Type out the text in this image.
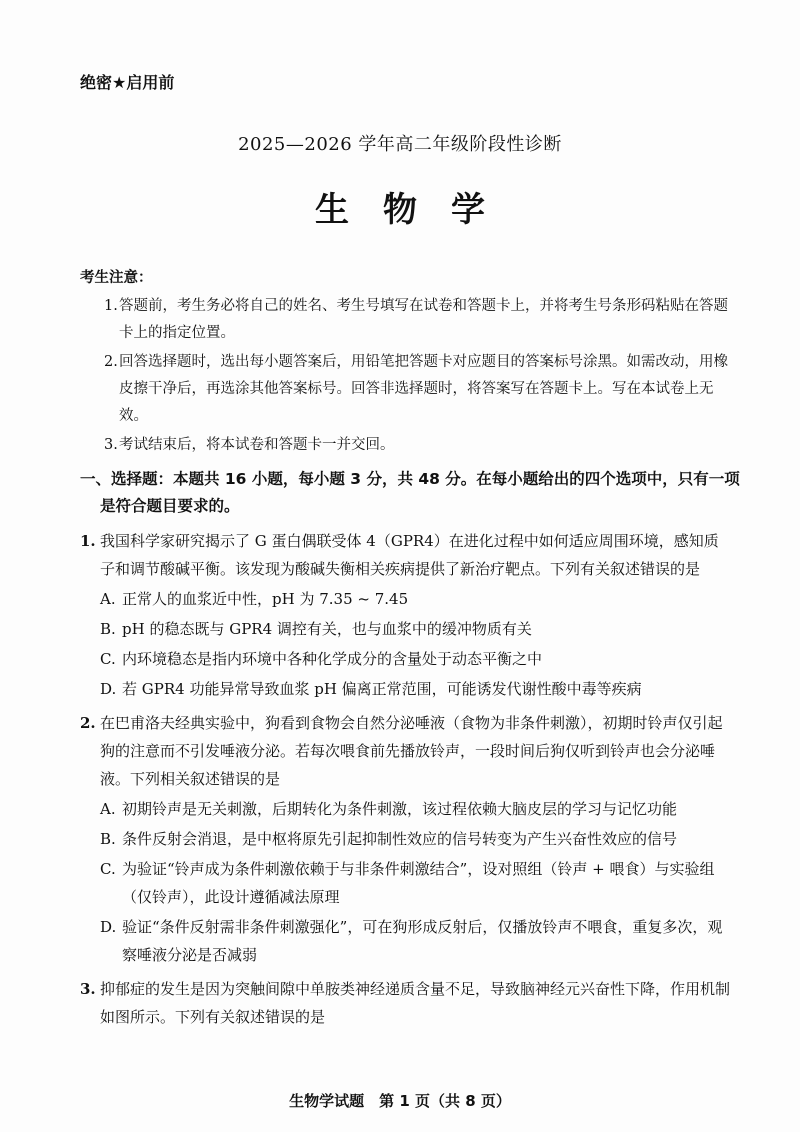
绝密★启用前
2025—2026 学年高二年级阶段性诊断
生物学
考生注意：
1. 答题前，考生务必将自己的姓名、考生号填写在试卷和答题卡上，并将考生号条形码粘贴在答题卡上的指定位置。
2. 回答选择题时，选出每小题答案后，用铅笔把答题卡对应题目的答案标号涂黑。如需改动，用橡皮擦干净后，再选涂其他答案标号。回答非选择题时，将答案写在答题卡上。写在本试卷上无效。
3. 考试结束后，将本试卷和答题卡一并交回。
一、选择题：本题共 16 小题，每小题 3 分，共 48 分。在每小题给出的四个选项中，只有一项是符合题目要求的。
1. 我国科学家研究揭示了 G 蛋白偶联受体 4（GPR4）在进化过程中如何适应周围环境，感知质子和调节酸碱平衡。该发现为酸碱失衡相关疾病提供了新治疗靶点。下列有关叙述错误的是
A. 正常人的血浆近中性，pH 为 7.35 ~ 7.45
B. pH 的稳态既与 GPR4 调控有关，也与血浆中的缓冲物质有关
C. 内环境稳态是指内环境中各种化学成分的含量处于动态平衡之中
D. 若 GPR4 功能异常导致血浆 pH 偏离正常范围，可能诱发代谢性酸中毒等疾病
2. 在巴甫洛夫经典实验中，狗看到食物会自然分泌唾液（食物为非条件刺激），初期时铃声仅引起狗的注意而不引发唾液分泌。若每次喂食前先播放铃声，一段时间后狗仅听到铃声也会分泌唾液。下列相关叙述错误的是
A. 初期铃声是无关刺激，后期转化为条件刺激，该过程依赖大脑皮层的学习与记忆功能
B. 条件反射会消退，是中枢将原先引起抑制性效应的信号转变为产生兴奋性效应的信号
C. 为验证“铃声成为条件刺激依赖于与非条件刺激结合”，设对照组（铃声 + 喂食）与实验组（仅铃声），此设计遵循减法原理
D. 验证“条件反射需非条件刺激强化”，可在狗形成反射后，仅播放铃声不喂食，重复多次，观察唾液分泌是否减弱
3. 抑郁症的发生是因为突触间隙中单胺类神经递质含量不足，导致脑神经元兴奋性下降，作用机制如图所示。下列有关叙述错误的是
生物学试题　第 1 页（共 8 页）
